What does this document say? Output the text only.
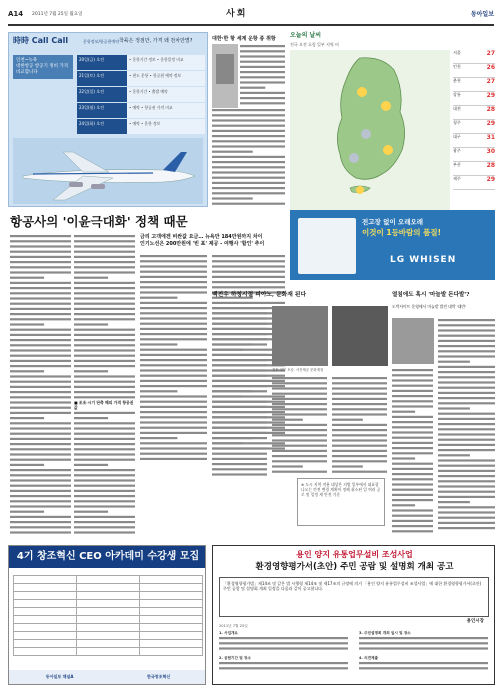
A14 2011년 7월 25일 월요일	사회	동아일보
時時 Call Call	운항정보/항공편예약 착륙은 정점만, 가격 왜 천차만별?
인천~뉴욕
대한항공 항공기 정비 가격 비교합니다
20일(금) 오전	• 운항기간 정보 • 운항일정 비교
21일(토) 오전	• 편도 운항 • 항공편 예약 정보
22일(일) 오전	• 운항기간 • 출발 예약
23일(월) 오전	• 예약 • 항공권 가격 비교
24일(화) 오전	• 예약 • 운항 정보
항공사의 '이윤극대화' 정책 때문
■ 조조·시기 단축 해외 가격 항공권값
금리 고객에겐 비싼값 요금… 뉴욕만 184만원까지 차이
인기노선은 200만원에 '빈 표' 제공 - 여행사 '할인' 추이
대한·한 항 세계 운항 종 취항 오늘의 날씨
전국 오전 흐림 일부 지역 비
서울	27
인천	26
춘천	27
강릉	29
대전	28
청주	29
대구	31
광주	30
부산	28
제주	29
전고장 없이 오래오래
이것이 1등바람의 품질!
LG WHISEN
백전우 하칭시절 피아노, 문화재 된다
경부·청부 모습. 사진제공 문화재청
※ 도시 지역 적용 대상은 지방 일부에서 대표할 나오는 안전 변경 계획이 정해 취소된 일 여러 공로 및 일정 새 안전 기준
열침에도 혹시 '마늘발 돈다발'?
도박사이트 운영에서 마늘밭 발견 대박 '대반'
4기 창조혁신 CEO 아카데미 수강생 모집

동아일보 채널A	한국창조혁신
용인 양지 유통업무설비 조성사업
환경영향평가서(초안) 주민 공람 및 설명회 개최 공고
「환경영향평가법」제14조 및 같은 법 시행령 제14조 및 제17조의 규정에 의거 「용인 양지 유통업무설비 조성사업」에 대한 환경영향평가서(초안) 주민 공람 및 설명회 개최 일정을 다음과 같이 공고합니다.
2011년 7월 25일
용인시장
1. 사업개요
2. 공람기간 및 장소
3. 주민설명회 개최 일시 및 장소
4. 의견제출
